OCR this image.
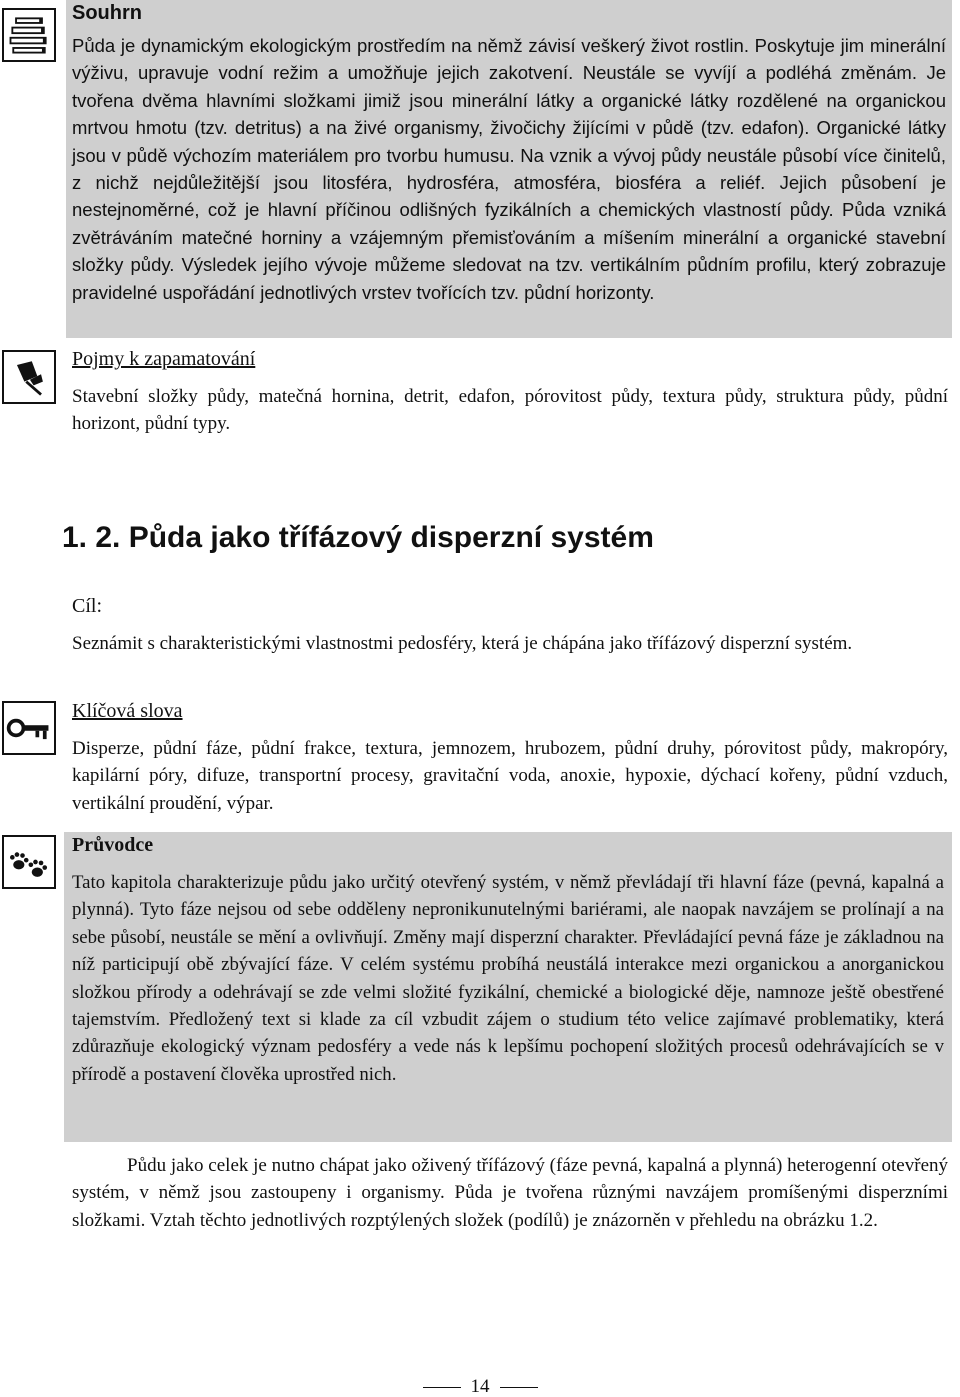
Souhrn
Půda je dynamickým ekologickým prostředím na němž závisí veškerý život rostlin. Poskytuje jim minerální výživu, upravuje vodní režim a umožňuje jejich zakotvení. Neustále se vyvíjí a podléhá změnám. Je tvořena dvěma hlavními složkami jimiž jsou minerální látky a organické látky rozdělené na organickou mrtvou hmotu (tzv. detritus) a na živé organismy, živočichy žijícími v půdě (tzv. edafon). Organické látky jsou v půdě výchozím materiálem pro tvorbu humusu. Na vznik a vývoj půdy neustále působí více činitelů, z nichž nejdůležitější jsou litosféra, hydrosféra, atmosféra, biosféra a reliéf. Jejich působení je nestejnoměrné, což je hlavní příčinou odlišných fyzikálních a chemických vlastností půdy. Půda vzniká zvětráváním matečné horniny a vzájemným přemisťováním a míšením minerální a organické stavební složky půdy. Výsledek jejího vývoje můžeme sledovat na tzv. vertikálním půdním profilu, který zobrazuje pravidelné uspořádání jednotlivých vrstev tvořících tzv. půdní horizonty.
Pojmy k zapamatování
Stavební složky půdy, matečná hornina, detrit, edafon, pórovitost půdy, textura půdy, struktura půdy, půdní horizont, půdní typy.
1. 2. Půda jako třífázový disperzní systém
Cíl:
Seznámit s charakteristickými vlastnostmi pedosféry, která je chápána jako třífázový disperzní systém.
Klíčová slova
Disperze, půdní fáze, půdní frakce, textura, jemnozem, hrubozem, půdní druhy, pórovitost půdy, makropóry, kapilární póry, difuze, transportní procesy, gravitační voda, anoxie, hypoxie, dýchací kořeny, půdní vzduch, vertikální proudění, výpar.
Průvodce
Tato kapitola charakterizuje půdu jako určitý otevřený systém, v němž převládají tři hlavní fáze (pevná, kapalná a plynná). Tyto fáze nejsou od sebe odděleny nepronikunutelnými bariérami, ale naopak navzájem se prolínají a na sebe působí, neustále se mění a ovlivňují. Změny mají disperzní charakter. Převládající pevná fáze je základnou na níž participují obě zbývající fáze. V celém systému probíhá neustálá interakce mezi organickou a anorganickou složkou přírody a odehrávají se zde velmi složité fyzikální, chemické a biologické děje, namnoze ještě obestřené tajemstvím. Předložený text si klade za cíl vzbudit zájem o studium této velice zajímavé problematiky, která zdůrazňuje ekologický význam pedosféry a vede nás k lepšímu pochopení složitých procesů odehrávajících se v přírodě a postavení člověka uprostřed nich.
Půdu jako celek je nutno chápat jako oživený třífázový (fáze pevná, kapalná a plynná) heterogenní otevřený systém, v němž jsou zastoupeny i organismy. Půda je tvořena různými navzájem promíšenými disperzními složkami. Vztah těchto jednotlivých rozptýlených složek (podílů) je znázorněn v přehledu na obrázku 1.2.
14
